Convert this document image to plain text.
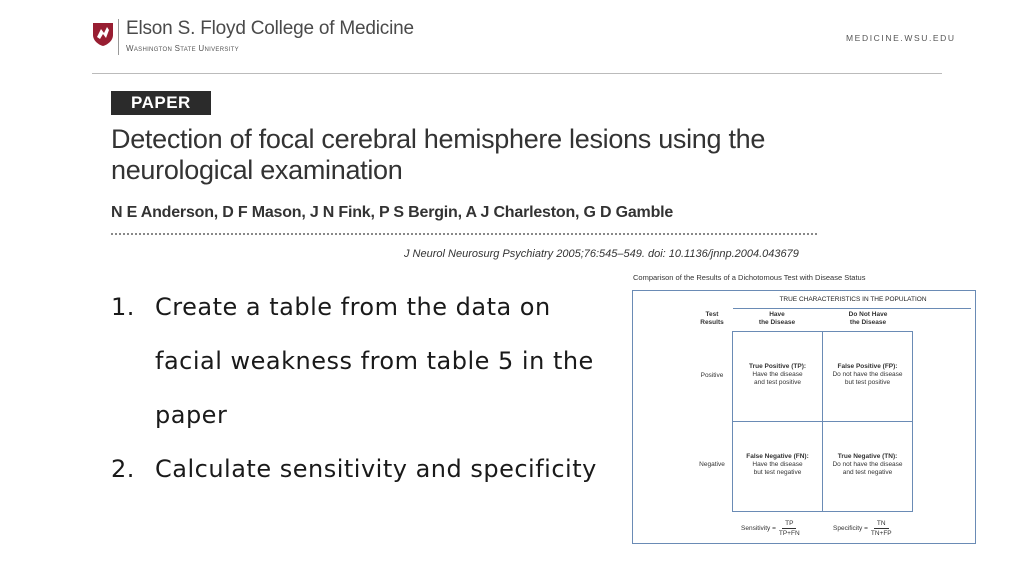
Elson S. Floyd College of Medicine
Washington State University
MEDICINE.WSU.EDU
PAPER
Detection of focal cerebral hemisphere lesions using the neurological examination
N E Anderson, D F Mason, J N Fink, P S Bergin, A J Charleston, G D Gamble
J Neurol Neurosurg Psychiatry 2005;76:545–549. doi: 10.1136/jnnp.2004.043679
1. Create a table from the data on facial weakness from table 5 in the paper
2. Calculate sensitivity and specificity
Comparison of the Results of a Dichotomous Test with Disease Status
TRUE CHARACTERISTICS IN THE POPULATION
Test
Results
Have
the Disease
Do Not Have
the Disease
Positive
Negative
True Positive (TP):
Have the disease
and test positive
False Positive (FP):
Do not have the disease
but test positive
False Negative (FN):
Have the disease
but test negative
True Negative (TN):
Do not have the disease
and test negative
Sensitivity = $\frac{TP}{TP+FN}$	Specificity = $\frac{TN}{TN+FP}$
